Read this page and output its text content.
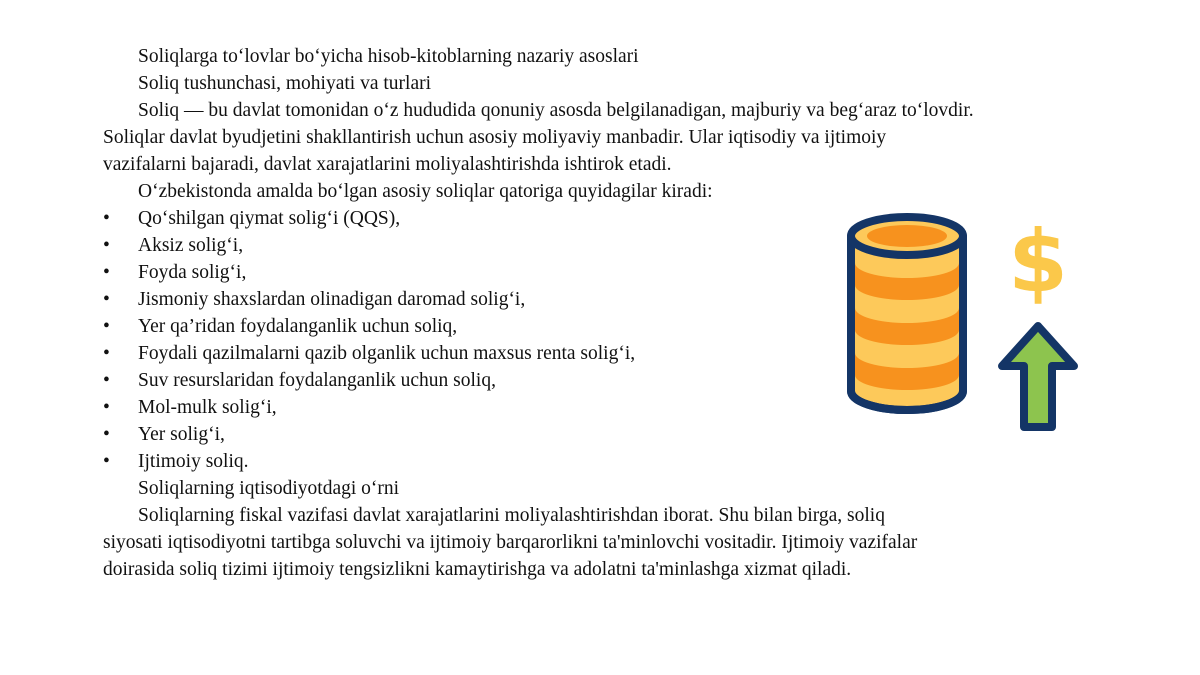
Soliqlarga to‘lovlar bo‘yicha hisob-kitoblarning nazariy asoslari
Soliq tushunchasi, mohiyati va turlari
Soliq — bu davlat tomonidan o‘z hududida qonuniy asosda belgilanadigan, majburiy va beg‘araz to‘lovdir.
Soliqlar davlat byudjetini shakllantirish uchun asosiy moliyaviy manbadir. Ular iqtisodiy va ijtimoiy
vazifalarni bajaradi, davlat xarajatlarini moliyalashtirishda ishtirok etadi.
O‘zbekistonda amalda bo‘lgan asosiy soliqlar qatoriga quyidagilar kiradi:
• Qo‘shilgan qiymat solig‘i (QQS),
• Aksiz solig‘i,
• Foyda solig‘i,
• Jismoniy shaxslardan olinadigan daromad solig‘i,
• Yer qa’ridan foydalanganlik uchun soliq,
• Foydali qazilmalarni qazib olganlik uchun maxsus renta solig‘i,
• Suv resurslaridan foydalanganlik uchun soliq,
• Mol-mulk solig‘i,
• Yer solig‘i,
• Ijtimoiy soliq.
Soliqlarning iqtisodiyotdagi o‘rni
Soliqlarning fiskal vazifasi davlat xarajatlarini moliyalashtirishdan iborat. Shu bilan birga, soliq
siyosati iqtisodiyotni tartibga soluvchi va ijtimoiy barqarorlikni ta'minlovchi vositadir. Ijtimoiy vazifalar
doirasida soliq tizimi ijtimoiy tengsizlikni kamaytirishga va adolatni ta'minlashga xizmat qiladi.
$
